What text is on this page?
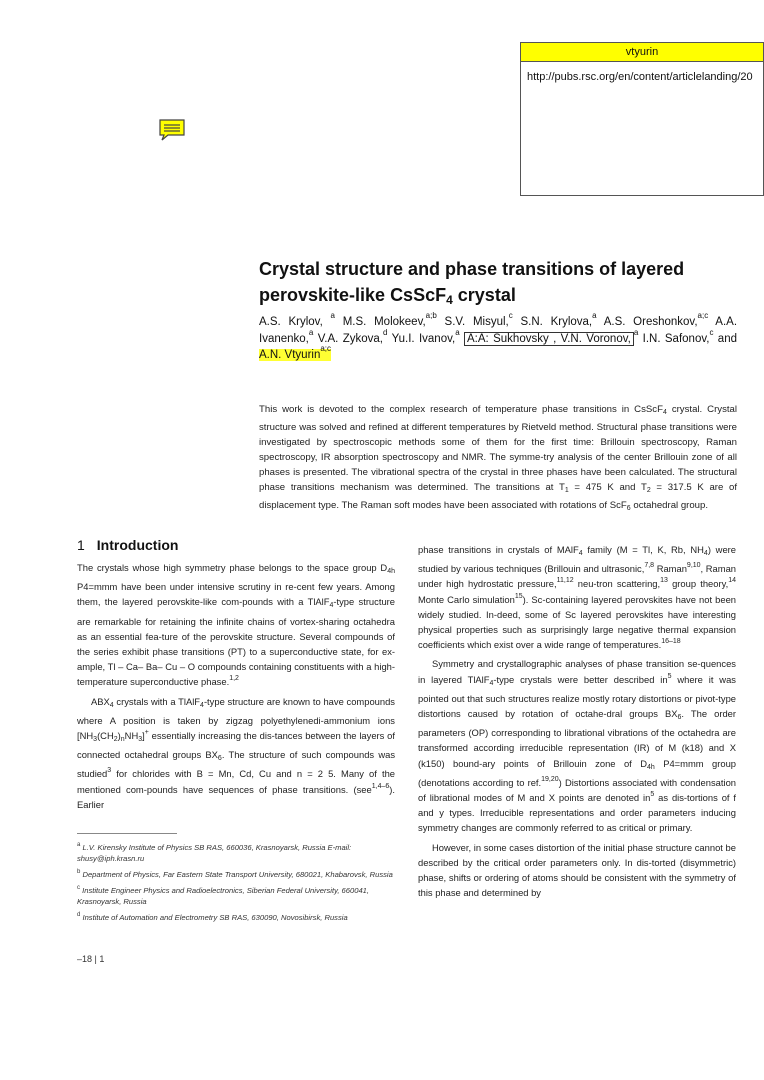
vtyurin
http://pubs.rsc.org/en/content/articlelanding/20
Crystal structure and phase transitions of layered
perovskite-like CsScF$_4$ crystal
A.S. Krylov, $^a$ M.S. Molokeev,$^{a;b}$ S.V. Misyul,$^c$ S.N. Krylova,$^a$ A.S. Oreshonkov,$^{a;c}$ A.A. Ivanenko,$^a$ V.A. Zykova,$^d$ Yu.I. Ivanov,$^a$ A:A: Sukhovsky , V.N. Voronov,$^a$ I.N. Safonov,$^c$ and A.N. Vtyurin$^{a;c}$
This work is devoted to the complex research of temperature phase transitions in CsScF$_4$ crystal. Crystal structure was solved and refined at different temperatures by Rietveld method. Structural phase transitions were investigated by spectroscopic methods some of them for the first time: Brillouin spectroscopy, Raman spectroscopy, IR absorption spectroscopy and NMR. The symme-try analysis of the center Brillouin zone of all phases is presented. The vibrational spectra of the crystal in three phases have been calculated. The structural phase transitions mechanism was determined. The transitions at $T_1 = 475$ K and $T_2 = 317.5$ K are of displacement type. The Raman soft modes have been associated with rotations of ScF$_6$ octahedral group.
1 Introduction

The crystals whose high symmetry phase belongs to the space group $D_{4h}$ P4=mmm have been under intensive scrutiny in re-cent few years. Among them, the layered perovskite-like com-pounds with a TlAlF$_4$-type structure are remarkable for retaining the infinite chains of vortex-sharing octahedra as an essential fea-ture of the perovskite structure. Several compounds of the series exhibit phase transitions (PT) to a superconductive state, for ex-ample, Tl – Ca– Ba– Cu – O compounds containing constituents with a high-temperature superconductive phase.$^{1,2}$

$ABX_4$ crystals with a TlAlF$_4$-type structure are known to have compounds where A position is taken by zigzag polyethylenedi-ammonium ions $[NH_3(CH_2)_nNH_3]^+$ essentially increasing the dis-tances between the layers of connected octahedral groups $BX_6$. The structure of such compounds was studied$^3$ for chlorides with B = Mn, Cd, Cu and n = 2 5. Many of the mentioned com-pounds have sequences of phase transitions. (see$^{1,4-6}$). Earlier

$^a$ L.V. Kirensky Institute of Physics SB RAS, 660036, Krasnoyarsk, Russia E-mail: shusy@iph.krasn.ru

$^b$ Department of Physics, Far Eastern State Transport University, 680021, Khabarovsk, Russia

$^c$ Institute Engineer Physics and Radioelectronics, Siberian Federal University, 660041, Krasnoyarsk, Russia

$^d$ Institute of Automation and Electrometry SB RAS, 630090, Novosibirsk, Russia

phase transitions in crystals of MAlF$_4$ family (M = Tl, K, Rb, $NH_4$) were studied by various techniques (Brillouin and ultrasonic,$^{7,8}$ Raman$^{9,10}$, Raman under high hydrostatic pressure,$^{11,12}$ neu-tron scattering,$^{13}$ group theory,$^{14}$ Monte Carlo simulation$^{15}$). Sc-containing layered perovskites have not been widely studied. In-deed, some of Sc layered perovskites have interesting physical properties such as surprisingly large negative thermal expansion coefficients which exist over a wide range of temperatures.$^{16-18}$

Symmetry and crystallographic analyses of phase transition se-quences in layered TlAlF$_4$-type crystals were better described $in^5$ where it was pointed out that such structures realize mostly rotary distortions or pivot-type distortions caused by rotation of octahe-dral groups $BX_6$. The order parameters (OP) corresponding to librational vibrations of the octahedra are transformed according irreducible representation (IR) of M (k18) and X (k150) bound-ary points of Brillouin zone of $D_{4h}$ P4=mmm group (denotations according to ref.$^{19,20}$) Distortions associated with condensation of librational modes of M and X points are denoted $in^5$ as dis-tortions of f and y types. Irreducible representations and order parameters inducing symmetry changes are commonly referred to as critical or primary.

However, in some cases distortion of the initial phase structure cannot be described by the critical order parameters only. In dis-torted (disymmetric) phase, shifts or ordering of atoms should be consistent with the symmetry of this phase and determined by

–18 | 1
